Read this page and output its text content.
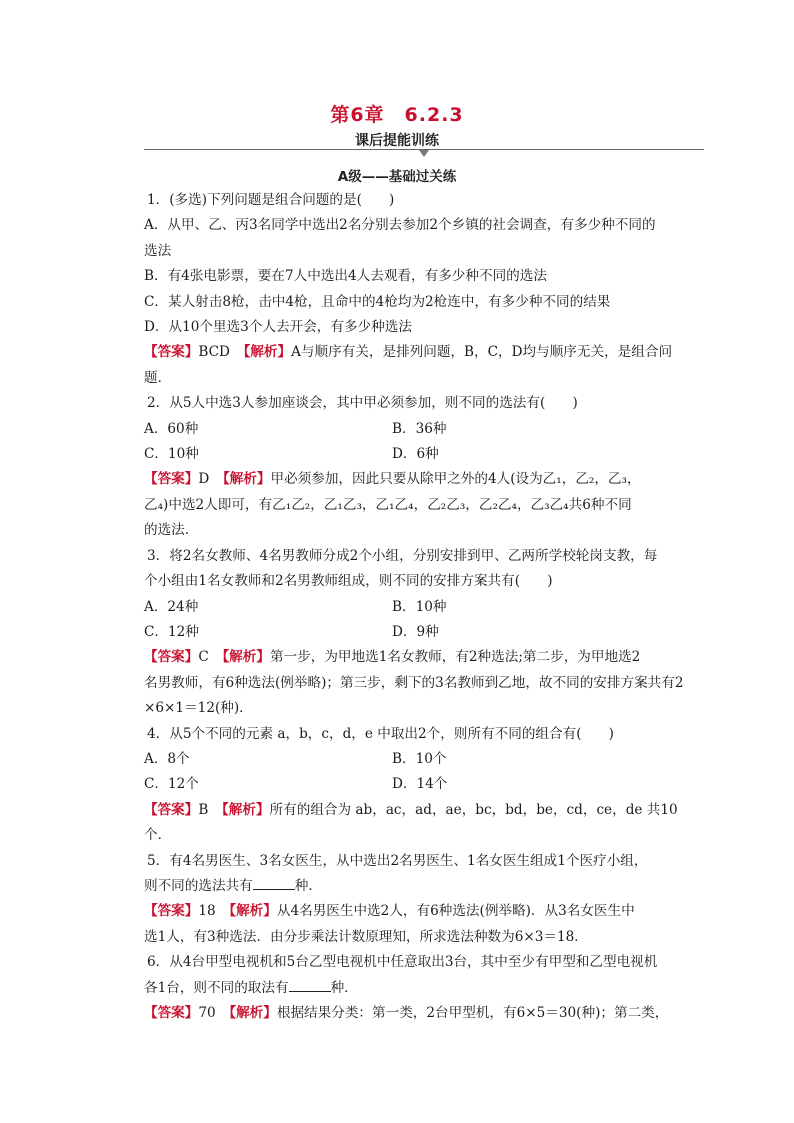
第6章　6.2.3
课后提能训练
A级——基础过关练

1．(多选)下列问题是组合问题的是(　　)

A．从甲、乙、丙3名同学中选出2名分别去参加2个乡镇的社会调查，有多少种不同的

选法

B．有4张电影票，要在7人中选出4人去观看，有多少种不同的选法

C．某人射击8枪，击中4枪，且命中的4枪均为2枪连中，有多少种不同的结果

D．从10个里选3个人去开会，有多少种选法

【答案】BCD　 【解析】A与顺序有关，是排列问题，B，C，D均与顺序无关，是组合问

题．

2．从5人中选3人参加座谈会，其中甲必须参加，则不同的选法有(　　)

A．60种	B．36种
C．10种	D．6种

【答案】D　 【解析】甲必须参加，因此只要从除甲之外的4人(设为乙₁，乙₂，乙₃，

乙₄)中选2人即可，有乙₁乙₂，乙₁乙₃，乙₁乙₄，乙₂乙₃，乙₂乙₄，乙₃乙₄共6种不同

的选法．

3．将2名女教师、4名男教师分成2个小组，分别安排到甲、乙两所学校轮岗支教，每

个小组由1名女教师和2名男教师组成，则不同的安排方案共有(　　)

A．24种	B．10种
C．12种	D．9种

【答案】C　 【解析】第一步，为甲地选1名女教师，有2种选法;第二步，为甲地选2

名男教师，有6种选法(例举略)；第三步，剩下的3名教师到乙地，故不同的安排方案共有2

×6×1＝12(种)．

4．从5个不同的元素 a，b，c，d，e 中取出2个，则所有不同的组合有(　　)

A．8个	B．10个
C．12个	D．14个

【答案】B　 【解析】所有的组合为 ab，ac，ad，ae，bc，bd，be，cd，ce，de 共10

个．

5．有4名男医生、3名女医生，从中选出2名男医生、1名女医生组成1个医疗小组，

则不同的选法共有	种．

【答案】18　 【解析】从4名男医生中选2人，有6种选法(例举略)．从3名女医生中

选1人，有3种选法．由分步乘法计数原理知，所求选法种数为6×3＝18．

6．从4台甲型电视机和5台乙型电视机中任意取出3台，其中至少有甲型和乙型电视机

各1台，则不同的取法有	种．

【答案】70　 【解析】根据结果分类：第一类，2台甲型机，有6×5＝30(种)；第二类，
